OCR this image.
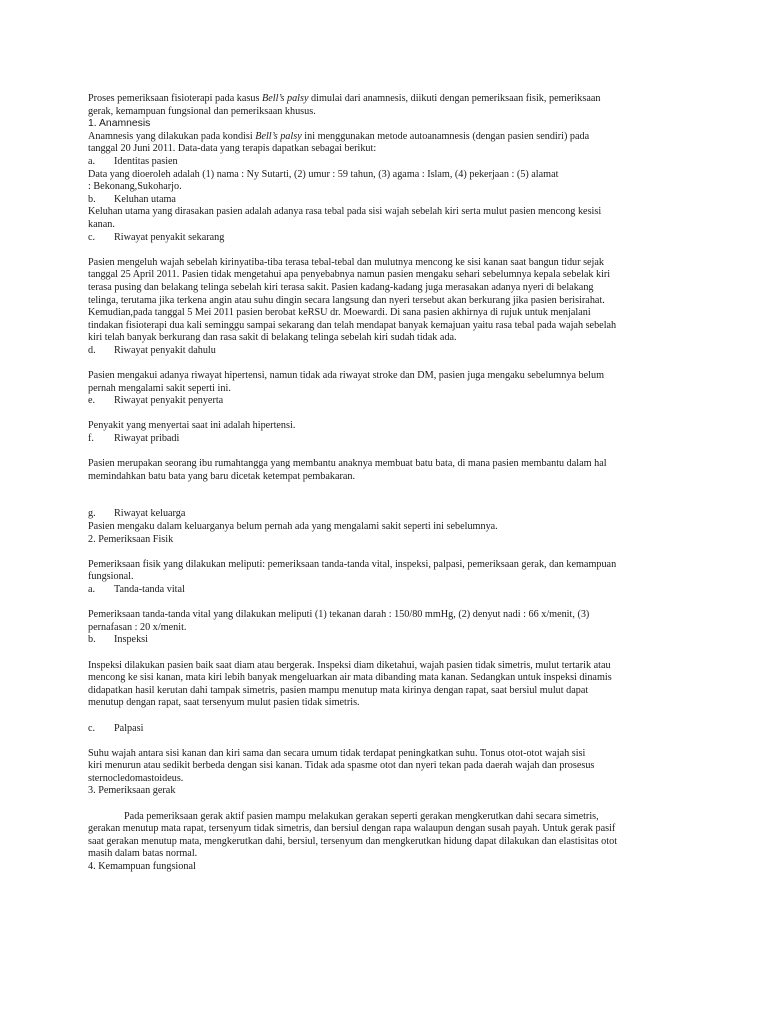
Proses pemeriksaan fisioterapi pada kasus Bell’s palsy dimulai dari anamnesis, diikuti dengan pemeriksaan fisik, pemeriksaan
gerak, kemampuan fungsional dan pemeriksaan khusus.
1. Anamnesis
Anamnesis yang dilakukan pada kondisi Bell’s palsy ini menggunakan metode autoanamnesis (dengan pasien sendiri) pada
tanggal 20 Juni 2011. Data-data yang terapis dapatkan sebagai berikut:
a. Identitas pasien
Data yang dioeroleh adalah (1) nama : Ny Sutarti, (2) umur : 59 tahun, (3) agama : Islam, (4) pekerjaan : (5) alamat
: Bekonang,Sukoharjo.
b. Keluhan utama
Keluhan utama yang dirasakan pasien adalah adanya rasa tebal pada sisi wajah sebelah kiri serta mulut pasien mencong kesisi
kanan.
c. Riwayat penyakit sekarang
Pasien mengeluh wajah sebelah kirinyatiba-tiba terasa tebal-tebal dan mulutnya mencong ke sisi kanan saat bangun tidur sejak
tanggal 25 April 2011. Pasien tidak mengetahui apa penyebabnya namun pasien mengaku sehari sebelumnya kepala sebelak kiri
terasa pusing dan belakang telinga sebelah kiri terasa sakit. Pasien kadang-kadang juga merasakan adanya nyeri di belakang
telinga, terutama jika terkena angin atau suhu dingin secara langsung dan nyeri tersebut akan berkurang jika pasien berisirahat.
Kemudian,pada tanggal 5 Mei 2011 pasien berobat keRSU dr. Moewardi. Di sana pasien akhirnya di rujuk untuk menjalani
tindakan fisioterapi dua kali seminggu sampai sekarang dan telah mendapat banyak kemajuan yaitu rasa tebal pada wajah sebelah
kiri telah banyak berkurang dan rasa sakit di belakang telinga sebelah kiri sudah tidak ada.
d. Riwayat penyakit dahulu
Pasien mengakui adanya riwayat hipertensi, namun tidak ada riwayat stroke dan DM, pasien juga mengaku sebelumnya belum
pernah mengalami sakit seperti ini.
e. Riwayat penyakit penyerta
Penyakit yang menyertai saat ini adalah hipertensi.
f. Riwayat pribadi
Pasien merupakan seorang ibu rumahtangga yang membantu anaknya membuat batu bata, di mana pasien membantu dalam hal
memindahkan batu bata yang baru dicetak ketempat pembakaran.
g. Riwayat keluarga
Pasien mengaku dalam keluarganya belum pernah ada yang mengalami sakit seperti ini sebelumnya.
2. Pemeriksaan Fisik
Pemeriksaan fisik yang dilakukan meliputi: pemeriksaan tanda-tanda vital, inspeksi, palpasi, pemeriksaan gerak, dan kemampuan
fungsional.
a. Tanda-tanda vital
Pemeriksaan tanda-tanda vital yang dilakukan meliputi (1) tekanan darah : 150/80 mmHg, (2) denyut nadi : 66 x/menit, (3)
pernafasan : 20 x/menit.
b. Inspeksi
Inspeksi dilakukan pasien baik saat diam atau bergerak. Inspeksi diam diketahui, wajah pasien tidak simetris, mulut tertarik atau
mencong ke sisi kanan, mata kiri lebih banyak mengeluarkan air mata dibanding mata kanan. Sedangkan untuk inspeksi dinamis
didapatkan hasil kerutan dahi tampak simetris, pasien mampu menutup mata kirinya dengan rapat, saat bersiul mulut dapat
menutup dengan rapat, saat tersenyum mulut pasien tidak simetris.
c. Palpasi
Suhu wajah antara sisi kanan dan kiri sama dan secara umum tidak terdapat peningkatkan suhu. Tonus otot-otot wajah sisi
kiri menurun atau sedikit berbeda dengan sisi kanan. Tidak ada spasme otot dan nyeri tekan pada daerah wajah dan prosesus
sternocledomastoideus.
3. Pemeriksaan gerak
Pada pemeriksaan gerak aktif pasien mampu melakukan gerakan seperti gerakan mengkerutkan dahi secara simetris,
gerakan menutup mata rapat, tersenyum tidak simetris, dan bersiul dengan rapa walaupun dengan susah payah. Untuk gerak pasif
saat gerakan menutup mata, mengkerutkan dahi, bersiul, tersenyum dan mengkerutkan hidung dapat dilakukan dan elastisitas otot
masih dalam batas normal.
4. Kemampuan fungsional
